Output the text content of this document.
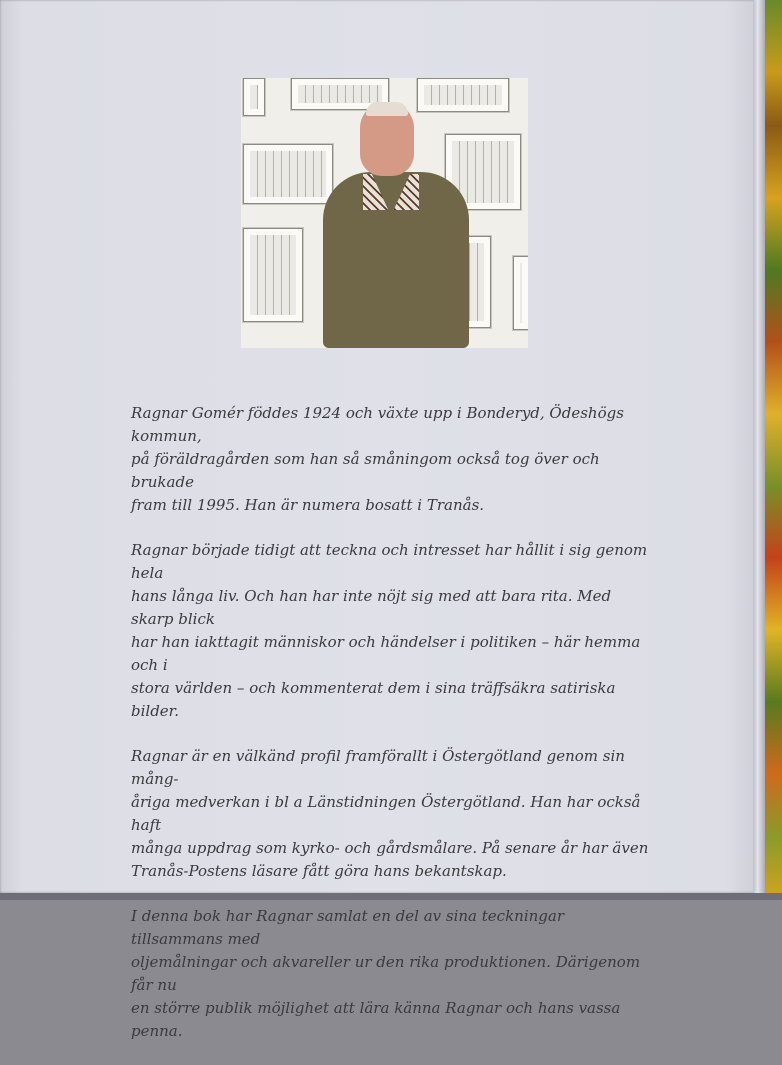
Ragnar Gomér föddes 1924 och växte upp i Bonderyd, Ödeshögs kommun,
på föräldragården som han så småningom också tog över och brukade
fram till 1995. Han är numera bosatt i Tranås.

Ragnar började tidigt att teckna och intresset har hållit i sig genom hela
hans långa liv. Och han har inte nöjt sig med att bara rita. Med skarp blick
har han iakttagit människor och händelser i politiken – här hemma och i
stora världen – och kommenterat dem i sina träffsäkra satiriska bilder.

Ragnar är en välkänd profil framförallt i Östergötland genom sin mång-
åriga medverkan i bl a Länstidningen Östergötland. Han har också haft
många uppdrag som kyrko- och gårdsmålare. På senare år har även
Tranås-Postens läsare fått göra hans bekantskap.

I denna bok har Ragnar samlat en del av sina teckningar tillsammans med
oljemålningar och akvareller ur den rika produktionen. Därigenom får nu
en större publik möjlighet att lära känna Ragnar och hans vassa penna.
